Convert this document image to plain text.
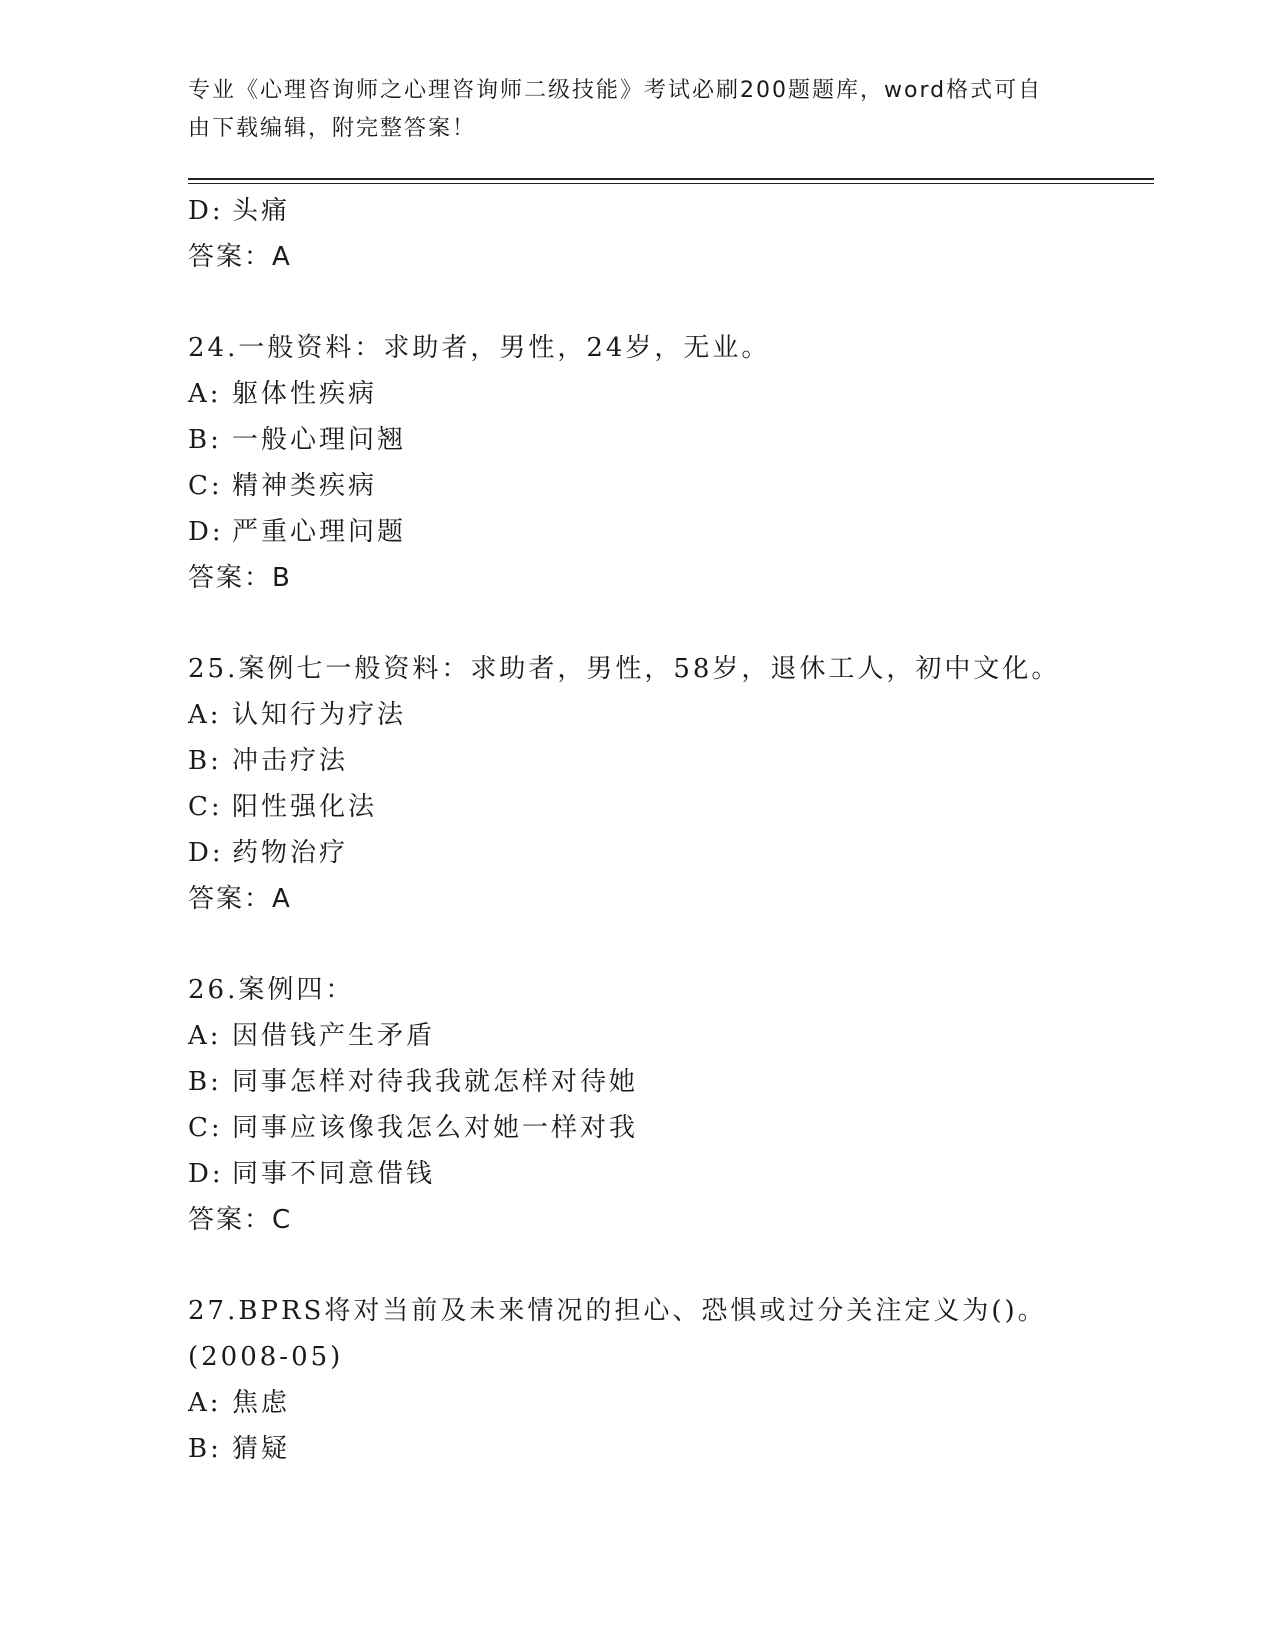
专业《心理咨询师之心理咨询师二级技能》考试必刷200题题库，word格式可自
由下载编辑，附完整答案！
D: 头痛
答案：A
24.一般资料：求助者，男性，24岁，无业。
A: 躯体性疾病
B: 一般心理问翘
C: 精神类疾病
D: 严重心理问题
答案：B
25.案例七一般资料：求助者，男性，58岁，退休工人，初中文化。
A: 认知行为疗法
B: 冲击疗法
C: 阳性强化法
D: 药物治疗
答案：A
26.案例四：
A: 因借钱产生矛盾
B: 同事怎样对待我我就怎样对待她
C: 同事应该像我怎么对她一样对我
D: 同事不同意借钱
答案：C
27.BPRS将对当前及未来情况的担心、恐惧或过分关注定义为()。
(2008-05)
A: 焦虑
B: 猜疑
